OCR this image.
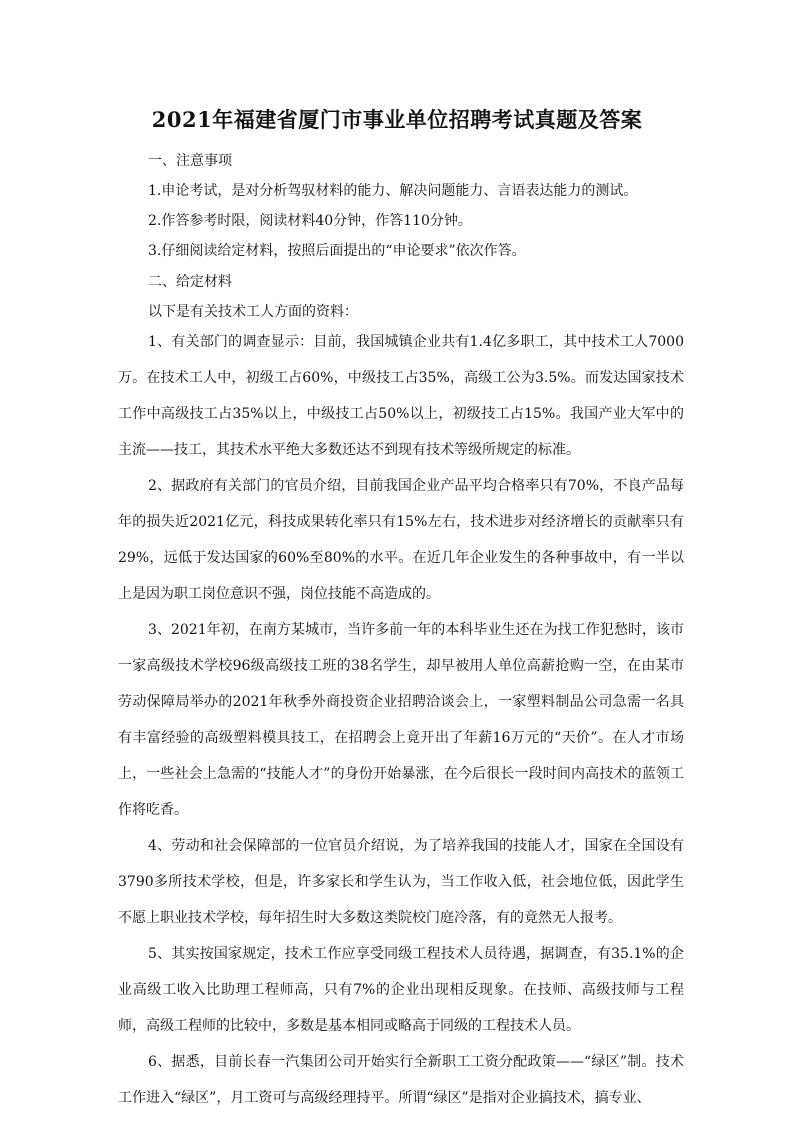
2021年福建省厦门市事业单位招聘考试真题及答案
一、注意事项
1.申论考试，是对分析驾驭材料的能力、解决问题能力、言语表达能力的测试。
2.作答参考时限，阅读材料40分钟，作答110分钟。
3.仔细阅读给定材料，按照后面提出的“申论要求”依次作答。
二、给定材料
以下是有关技术工人方面的资料：

1、有关部门的调查显示：目前，我国城镇企业共有1.4亿多职工，其中技术工人7000万。在技术工人中，初级工占60%，中级技工占35%，高级工公为3.5%。而发达国家技术工作中高级技工占35%以上，中级技工占50%以上，初级技工占15%。我国产业大军中的主流——技工，其技术水平绝大多数还达不到现有技术等级所规定的标准。

2、据政府有关部门的官员介绍，目前我国企业产品平均合格率只有70%，不良产品每年的损失近2021亿元，科技成果转化率只有15%左右，技术进步对经济增长的贡献率只有29%，远低于发达国家的60%至80%的水平。在近几年企业发生的各种事故中，有一半以上是因为职工岗位意识不强，岗位技能不高造成的。

3、2021年初，在南方某城市，当许多前一年的本科毕业生还在为找工作犯愁时，该市一家高级技术学校96级高级技工班的38名学生，却早被用人单位高薪抢购一空，在由某市劳动保障局举办的2021年秋季外商投资企业招聘洽谈会上，一家塑料制品公司急需一名具有丰富经验的高级塑料模具技工，在招聘会上竟开出了年薪16万元的“天价”。在人才市场上，一些社会上急需的“技能人才”的身份开始暴涨，在今后很长一段时间内高技术的蓝领工作将吃香。

4、劳动和社会保障部的一位官员介绍说，为了培养我国的技能人才，国家在全国设有3790多所技术学校，但是，许多家长和学生认为，当工作收入低，社会地位低，因此学生不愿上职业技术学校，每年招生时大多数这类院校门庭冷落，有的竟然无人报考。

5、其实按国家规定，技术工作应享受同级工程技术人员待遇，据调查，有35.1%的企业高级工收入比助理工程师高，只有7%的企业出现相反现象。在技师、高级技师与工程师，高级工程师的比较中，多数是基本相同或略高于同级的工程技术人员。

6、据悉，目前长春一汽集团公司开始实行全新职工工资分配政策——“绿区”制。技术工作进入“绿区”，月工资可与高级经理持平。所谓“绿区”是指对企业搞技术，搞专业、
